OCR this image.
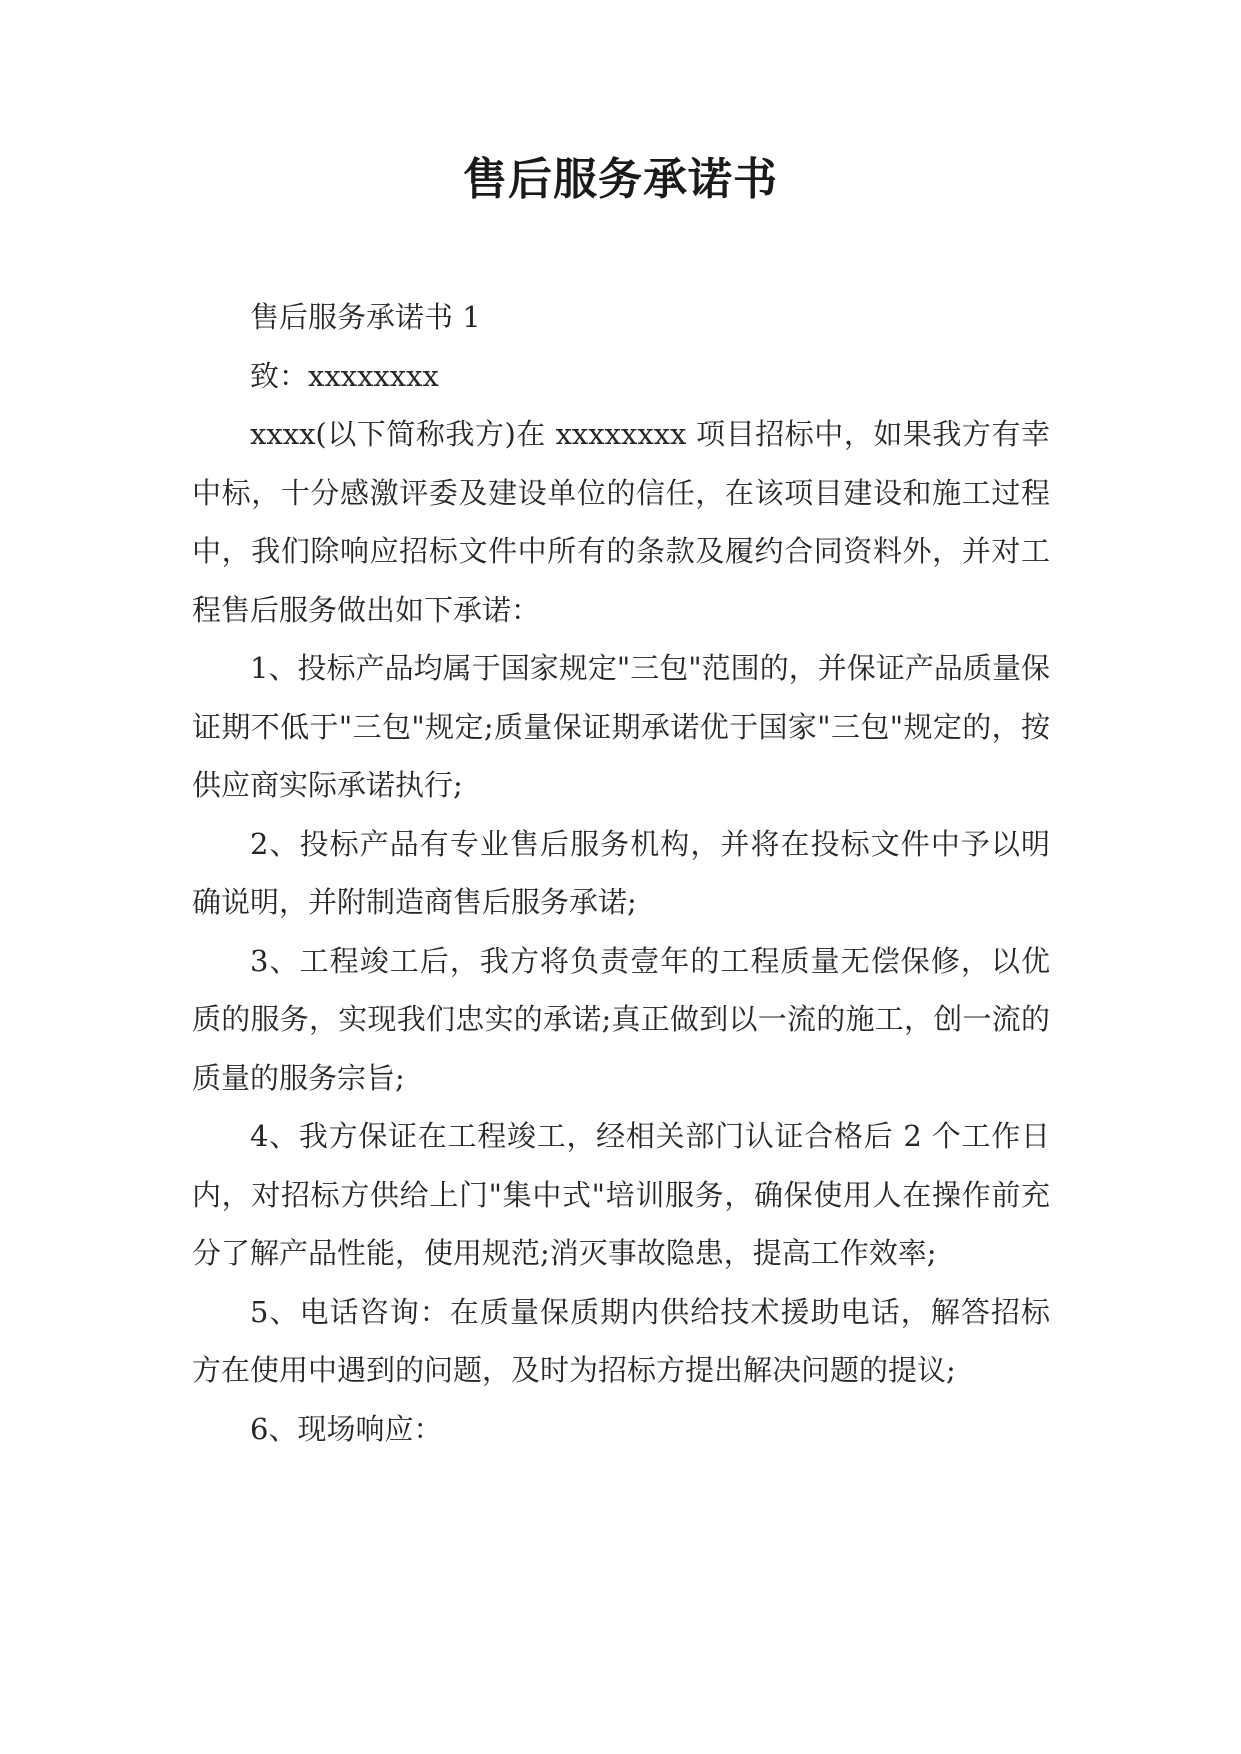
售后服务承诺书

售后服务承诺书 1

致：xxxxxxxx

xxxx(以下简称我方)在 xxxxxxxx 项目招标中，如果我方有幸中标，十分感激评委及建设单位的信任，在该项目建设和施工过程中，我们除响应招标文件中所有的条款及履约合同资料外，并对工程售后服务做出如下承诺：

1、投标产品均属于国家规定"三包"范围的，并保证产品质量保证期不低于"三包"规定;质量保证期承诺优于国家"三包"规定的，按供应商实际承诺执行;

2、投标产品有专业售后服务机构，并将在投标文件中予以明确说明，并附制造商售后服务承诺;

3、工程竣工后，我方将负责壹年的工程质量无偿保修，以优质的服务，实现我们忠实的承诺;真正做到以一流的施工，创一流的质量的服务宗旨;

4、我方保证在工程竣工，经相关部门认证合格后 2 个工作日内，对招标方供给上门"集中式"培训服务，确保使用人在操作前充分了解产品性能，使用规范;消灭事故隐患，提高工作效率;

5、电话咨询：在质量保质期内供给技术援助电话，解答招标方在使用中遇到的问题，及时为招标方提出解决问题的提议;

6、现场响应：
